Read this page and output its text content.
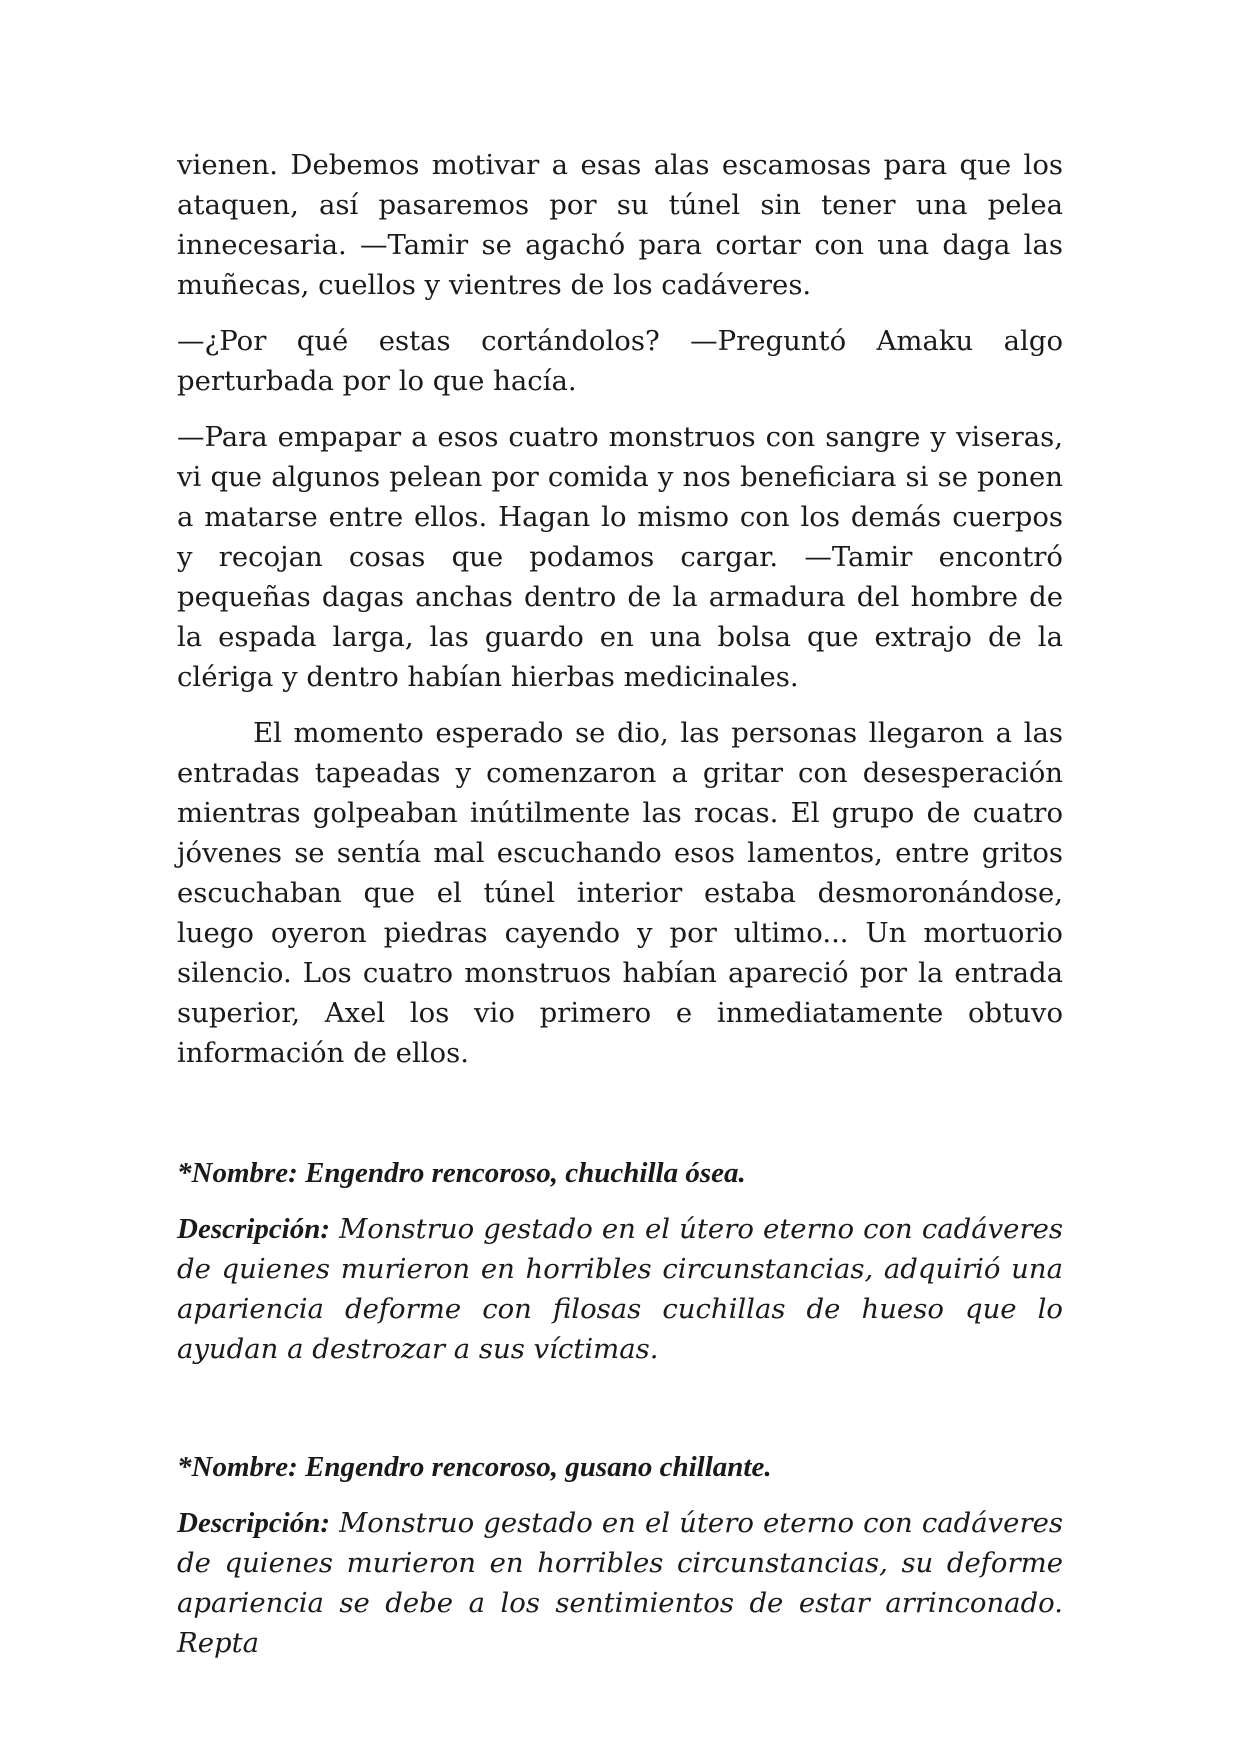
vienen. Debemos motivar a esas alas escamosas para que los ataquen, así pasaremos por su túnel sin tener una pelea innecesaria. —Tamir se agachó para cortar con una daga las muñecas, cuellos y vientres de los cadáveres.

—¿Por qué estas cortándolos? —Preguntó Amaku algo perturbada por lo que hacía.

—Para empapar a esos cuatro monstruos con sangre y viseras, vi que algunos pelean por comida y nos beneficiara si se ponen a matarse entre ellos. Hagan lo mismo con los demás cuerpos y recojan cosas que podamos cargar. —Tamir encontró pequeñas dagas anchas dentro de la armadura del hombre de la espada larga, las guardo en una bolsa que extrajo de la clériga y dentro habían hierbas medicinales.

El momento esperado se dio, las personas llegaron a las entradas tapeadas y comenzaron a gritar con desesperación mientras golpeaban inútilmente las rocas. El grupo de cuatro jóvenes se sentía mal escuchando esos lamentos, entre gritos escuchaban que el túnel interior estaba desmoronándose, luego oyeron piedras cayendo y por ultimo... Un mortuorio silencio. Los cuatro monstruos habían apareció por la entrada superior, Axel los vio primero e inmediatamente obtuvo información de ellos.

*Nombre: Engendro rencoroso, chuchilla ósea.

Descripción: Monstruo gestado en el útero eterno con cadáveres de quienes murieron en horribles circunstancias, adquirió una apariencia deforme con filosas cuchillas de hueso que lo ayudan a destrozar a sus víctimas.

*Nombre: Engendro rencoroso, gusano chillante.

Descripción: Monstruo gestado en el útero eterno con cadáveres de quienes murieron en horribles circunstancias, su deforme apariencia se debe a los sentimientos de estar arrinconado. Repta
